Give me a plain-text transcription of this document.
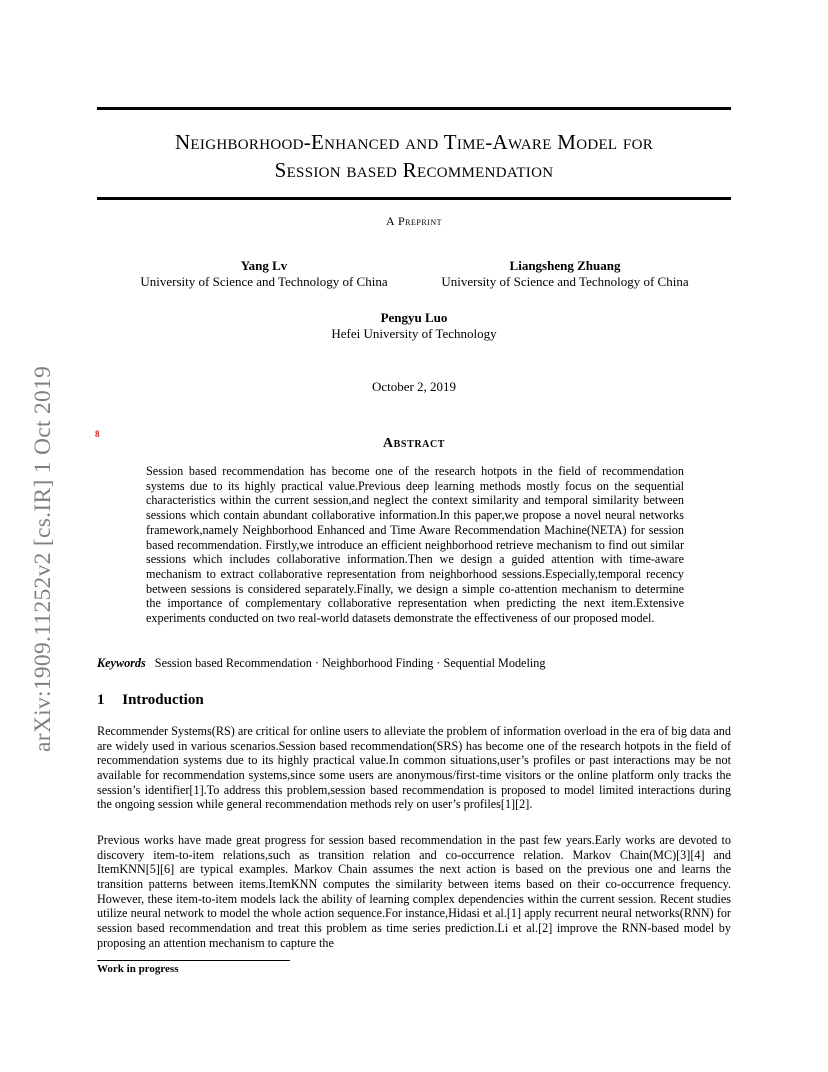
arXiv:1909.11252v2 [cs.IR] 1 Oct 2019	8
Neighborhood-Enhanced and Time-Aware Model for
Session based Recommendation
A Preprint
Yang Lv
University of Science and Technology of China
Liangsheng Zhuang
University of Science and Technology of China
Pengyu Luo
Hefei University of Technology
October 2, 2019
Abstract
Session based recommendation has become one of the research hotpots in the field of recommendation systems due to its highly practical value.Previous deep learning methods mostly focus on the sequential characteristics within the current session,and neglect the context similarity and temporal similarity between sessions which contain abundant collaborative information.In this paper,we propose a novel neural networks framework,namely Neighborhood Enhanced and Time Aware Recommendation Machine(NETA) for session based recommendation. Firstly,we introduce an efficient neighborhood retrieve mechanism to find out similar sessions which includes collaborative information.Then we design a guided attention with time-aware mechanism to extract collaborative representation from neighborhood sessions.Especially,temporal recency between sessions is considered separately.Finally, we design a simple co-attention mechanism to determine the importance of complementary collaborative representation when predicting the next item.Extensive experiments conducted on two real-world datasets demonstrate the effectiveness of our proposed model.
Keywords Session based Recommendation · Neighborhood Finding · Sequential Modeling
1 Introduction
Recommender Systems(RS) are critical for online users to alleviate the problem of information overload in the era of big data and are widely used in various scenarios.Session based recommendation(SRS) has become one of the research hotpots in the field of recommendation systems due to its highly practical value.In common situations,user’s profiles or past interactions may be not available for recommendation systems,since some users are anonymous/first-time visitors or the online platform only tracks the session’s identifier[1].To address this problem,session based recommendation is proposed to model limited interactions during the ongoing session while general recommendation methods rely on user’s profiles[1][2].
Previous works have made great progress for session based recommendation in the past few years.Early works are devoted to discovery item-to-item relations,such as transition relation and co-occurrence relation. Markov Chain(MC)[3][4] and ItemKNN[5][6] are typical examples. Markov Chain assumes the next action is based on the previous one and learns the transition patterns between items.ItemKNN computes the similarity between items based on their co-occurrence frequency. However, these item-to-item models lack the ability of learning complex dependencies within the current session. Recent studies utilize neural network to model the whole action sequence.For instance,Hidasi et al.[1] apply recurrent neural networks(RNN) for session based recommendation and treat this problem as time series prediction.Li et al.[2] improve the RNN-based model by proposing an attention mechanism to capture the
Work in progress
